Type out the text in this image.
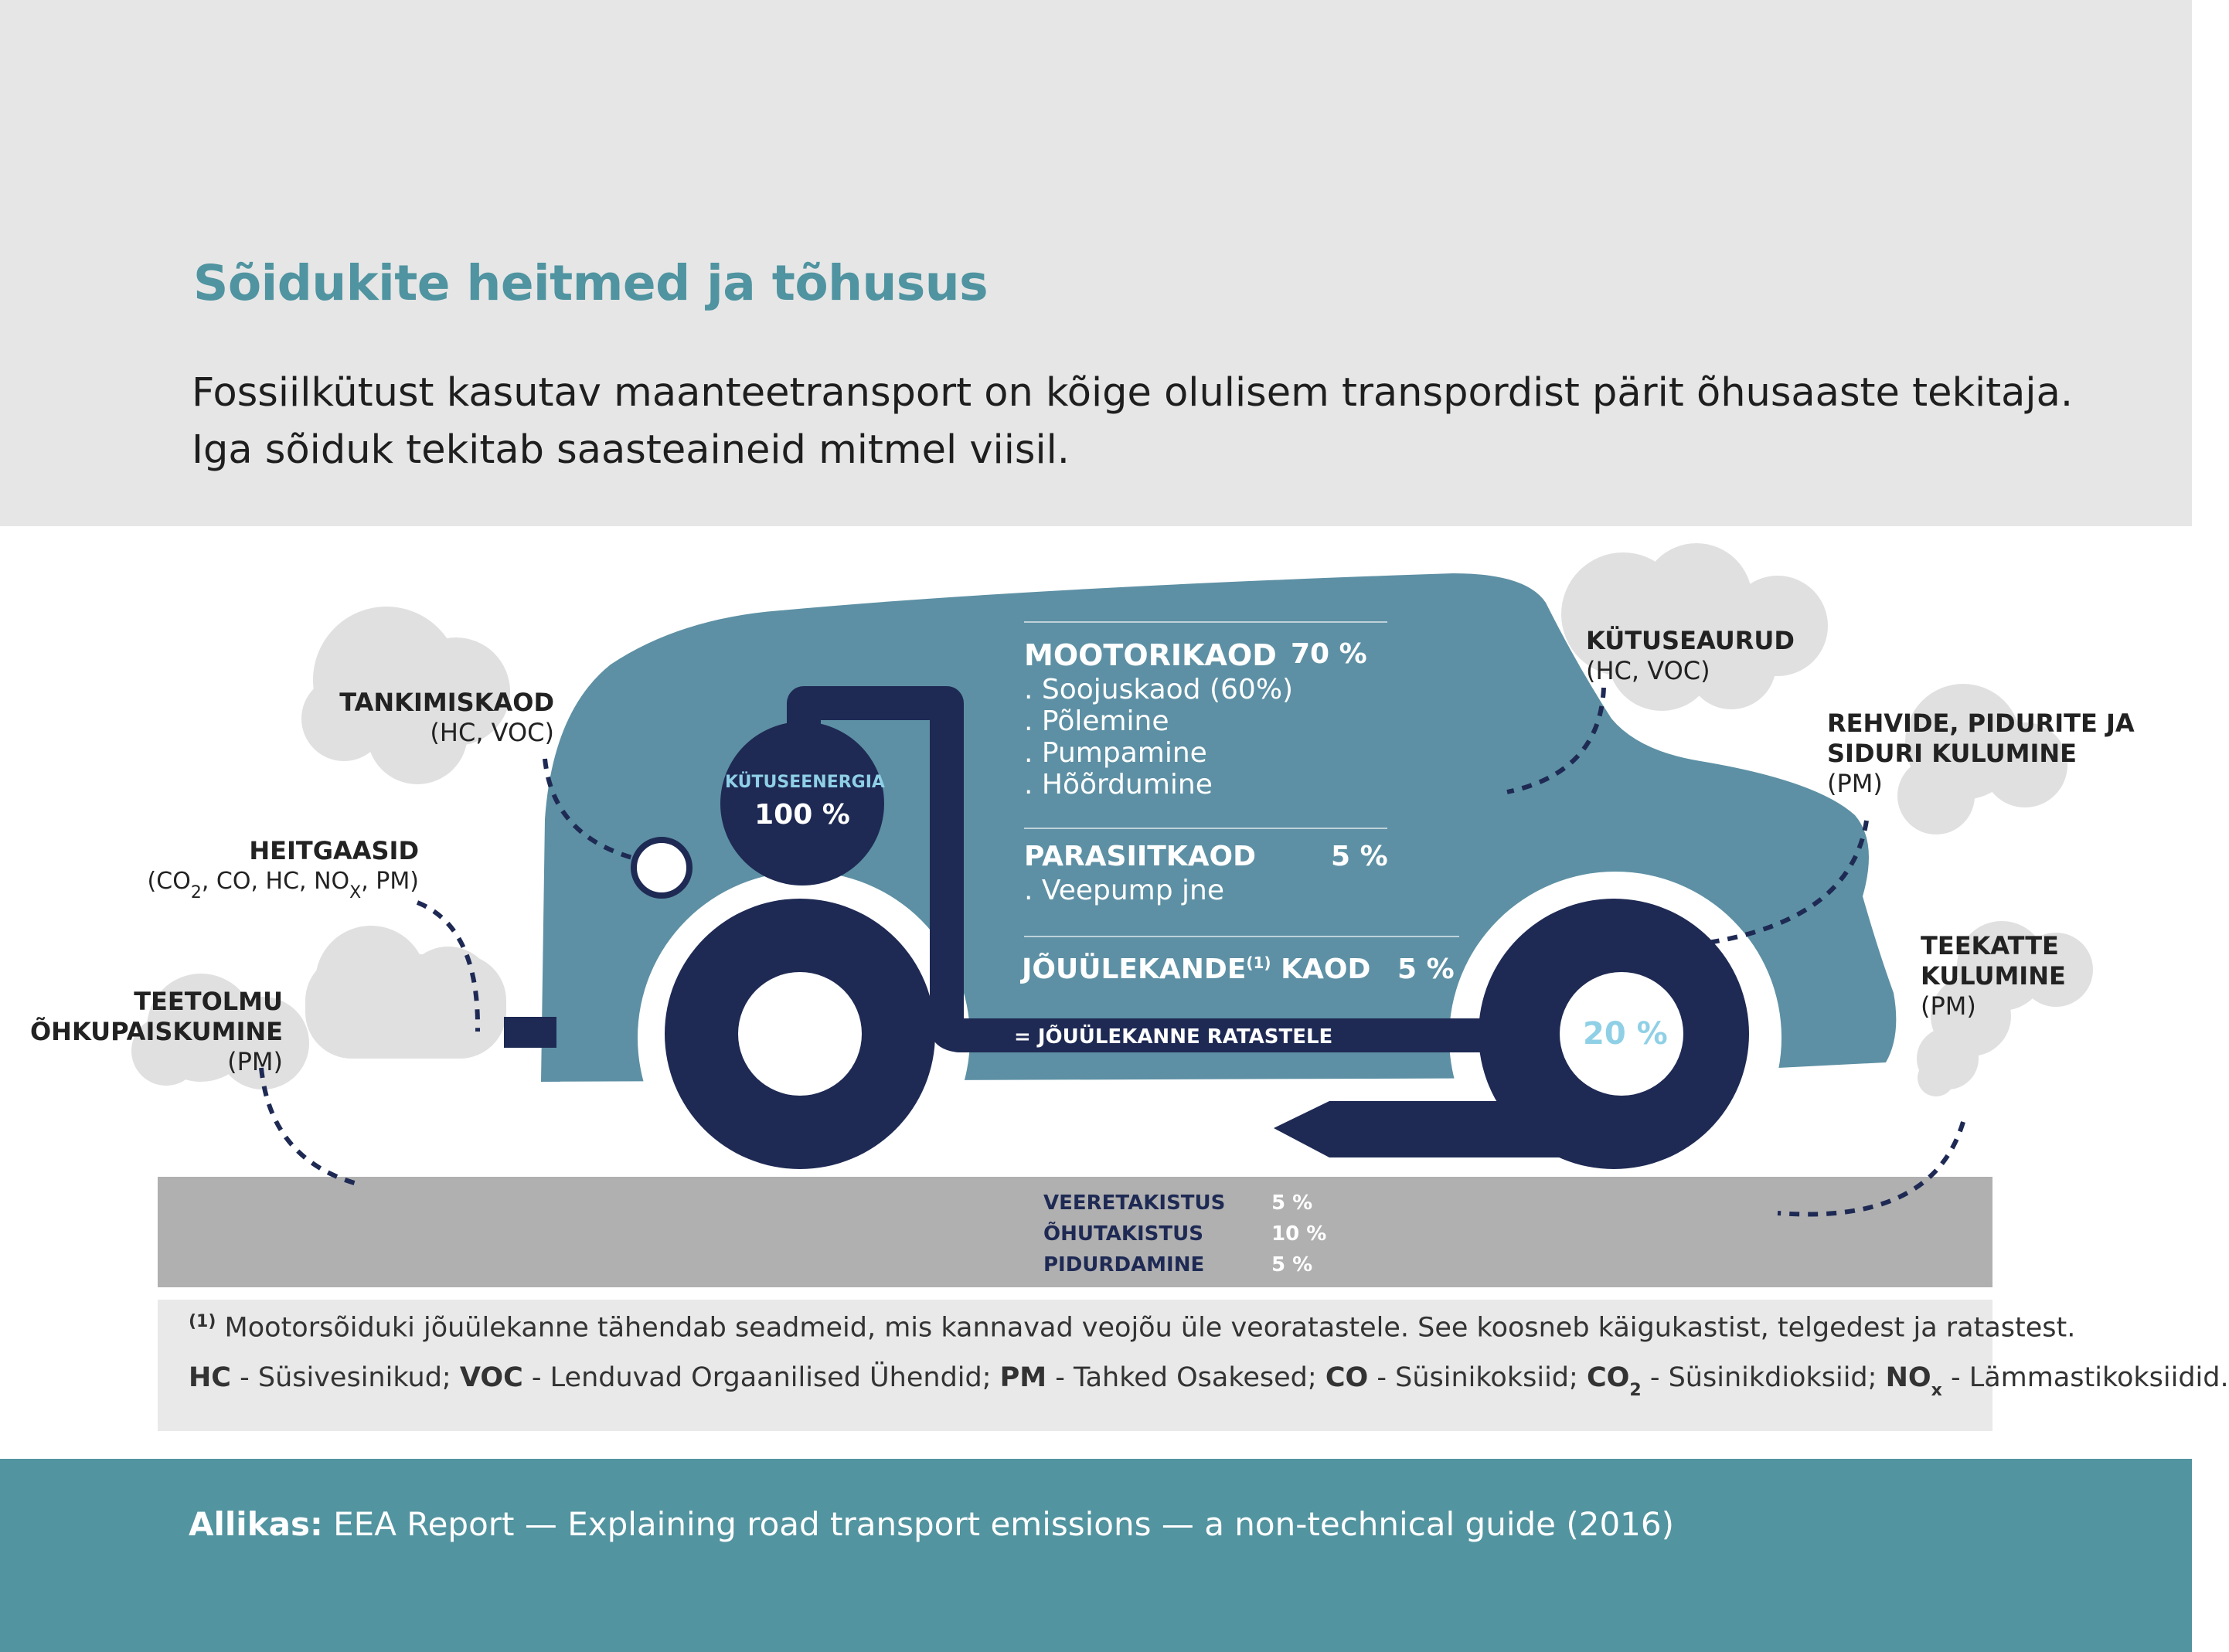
Sõidukite heitmed ja tõhusus
Fossiilkütust kasutav maanteetransport on kõige olulisem transpordist pärit õhusaaste tekitaja. Iga sõiduk tekitab saasteaineid mitmel viisil.
KÜTUSEENERGIA
100 %
MOOTORIKAOD 70 %
. Soojuskaod (60%)
. Põlemine
. Pumpamine
. Hõõrdumine
PARASIITKAOD	5 %
. Veepump jne
JÕUÜLEKANDE$^{(1)}$ KAOD 5 %
= JÕUÜLEKANNE RATASTELE	20 %
TANKIMISKAOD
(HC, VOC)
HEITGAASID
($CO_2$, CO, HC, $NO_X$, PM)
TEETOLMU
ÕHKUPAISKUMINE
(PM)
KÜTUSEAURUD
(HC, VOC)
REHVIDE, PIDURITE JA
SIDURI KULUMINE
(PM)
TEEKATTE
KULUMINE
(PM)
VEERETAKISTUS 5 %
ÕHUTAKISTUS	10 %
PIDURDAMINE	5 %
$^{(1)}$ Mootorsõiduki jõuülekanne tähendab seadmeid, mis kannavad veojõu üle veoratastele. See koosneb käigukastist, telgedest ja ratastest.
HC - Süsivesinikud; VOC - Lenduvad Orgaanilised Ühendid; PM - Tahked Osakesed; CO - Süsinikoksiid; $CO_2$ - Süsinikdioksiid; $NO_x$ - Lämmastikoksiidid.
Allikas: EEA Report — Explaining road transport emissions — a non-technical guide (2016)
